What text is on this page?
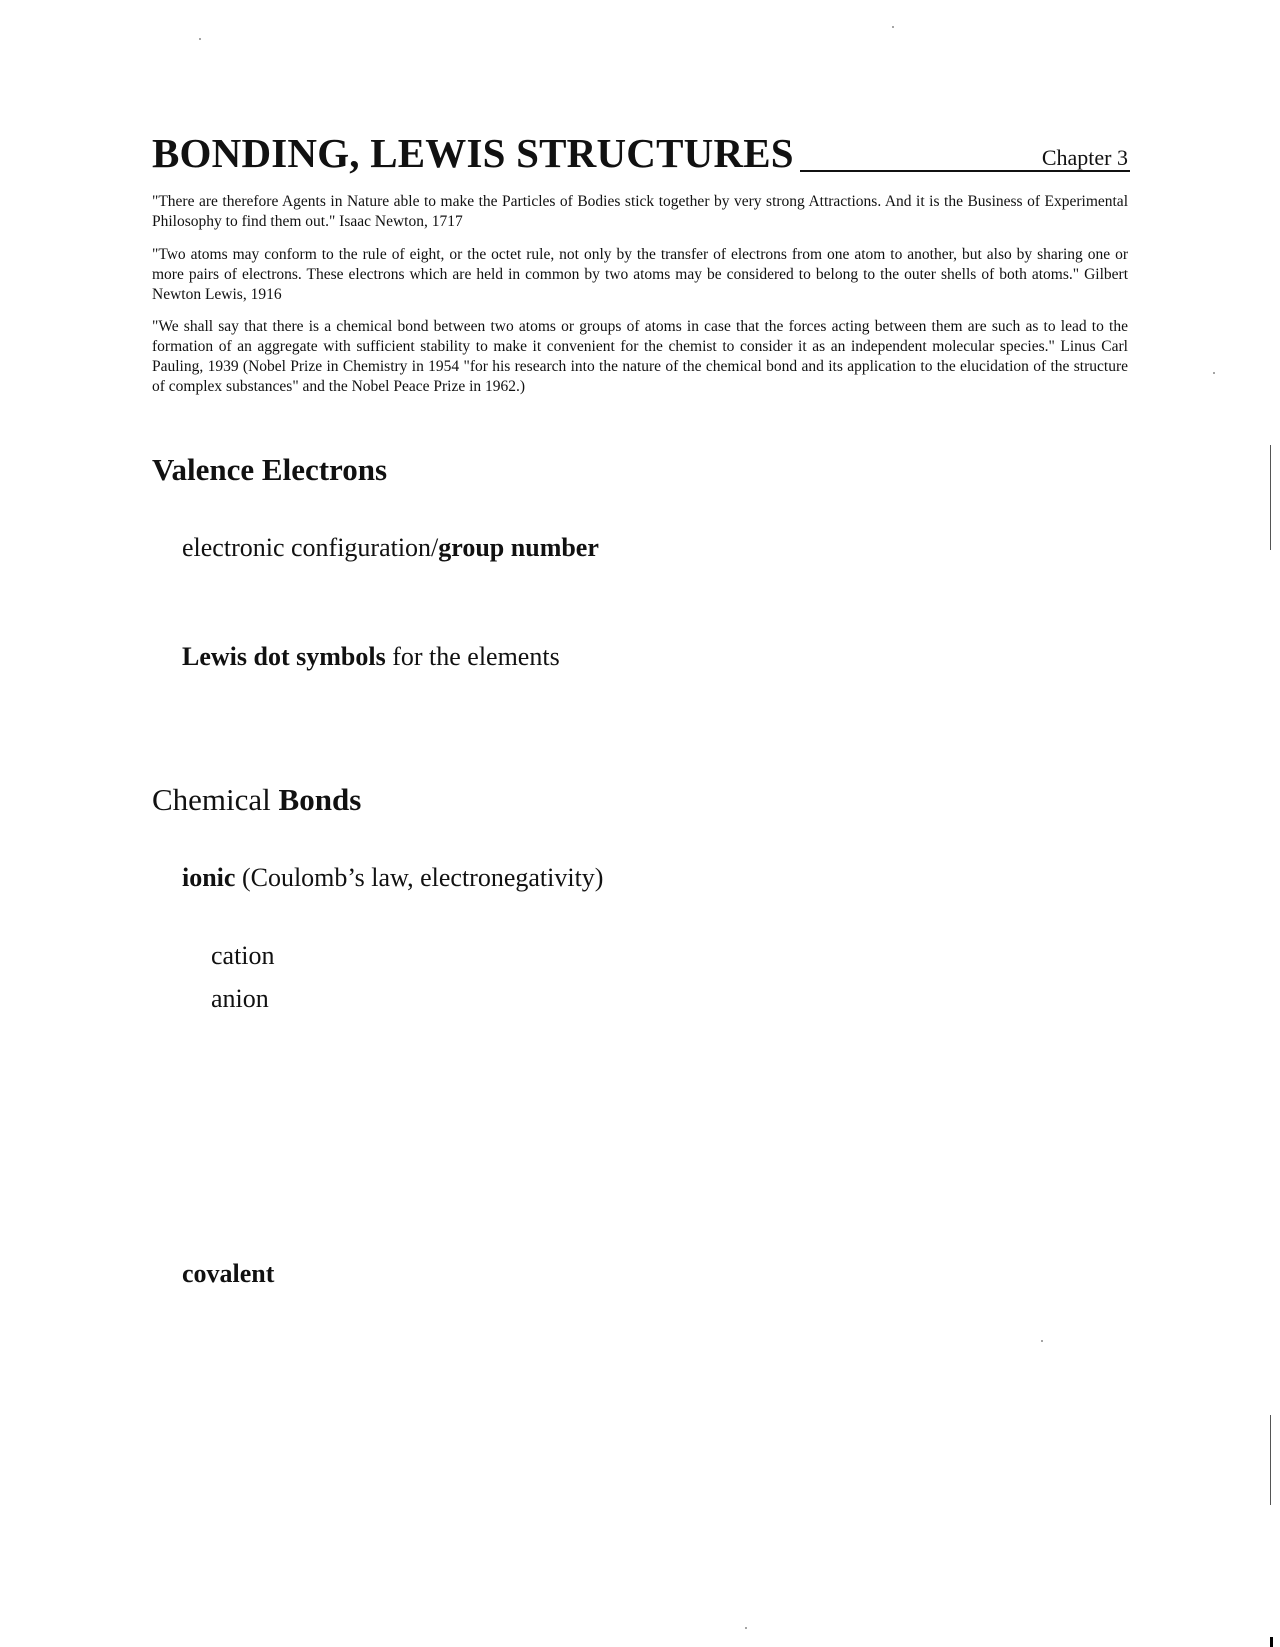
BONDING, LEWIS STRUCTURES	Chapter 3

"There are therefore Agents in Nature able to make the Particles of Bodies stick together by very strong Attractions. And it is the Business of Experimental Philosophy to find them out." Isaac Newton, 1717

"Two atoms may conform to the rule of eight, or the octet rule, not only by the transfer of electrons from one atom to another, but also by sharing one or more pairs of electrons. These electrons which are held in common by two atoms may be considered to belong to the outer shells of both atoms." Gilbert Newton Lewis, 1916

"We shall say that there is a chemical bond between two atoms or groups of atoms in case that the forces acting between them are such as to lead to the formation of an aggregate with sufficient stability to make it convenient for the chemist to consider it as an independent molecular species." Linus Carl Pauling, 1939 (Nobel Prize in Chemistry in 1954 "for his research into the nature of the chemical bond and its application to the elucidation of the structure of complex substances" and the Nobel Peace Prize in 1962.)

Valence Electrons
electronic configuration/group number
Lewis dot symbols for the elements
Chemical Bonds
ionic (Coulomb’s law, electronegativity)
cation
anion
covalent
